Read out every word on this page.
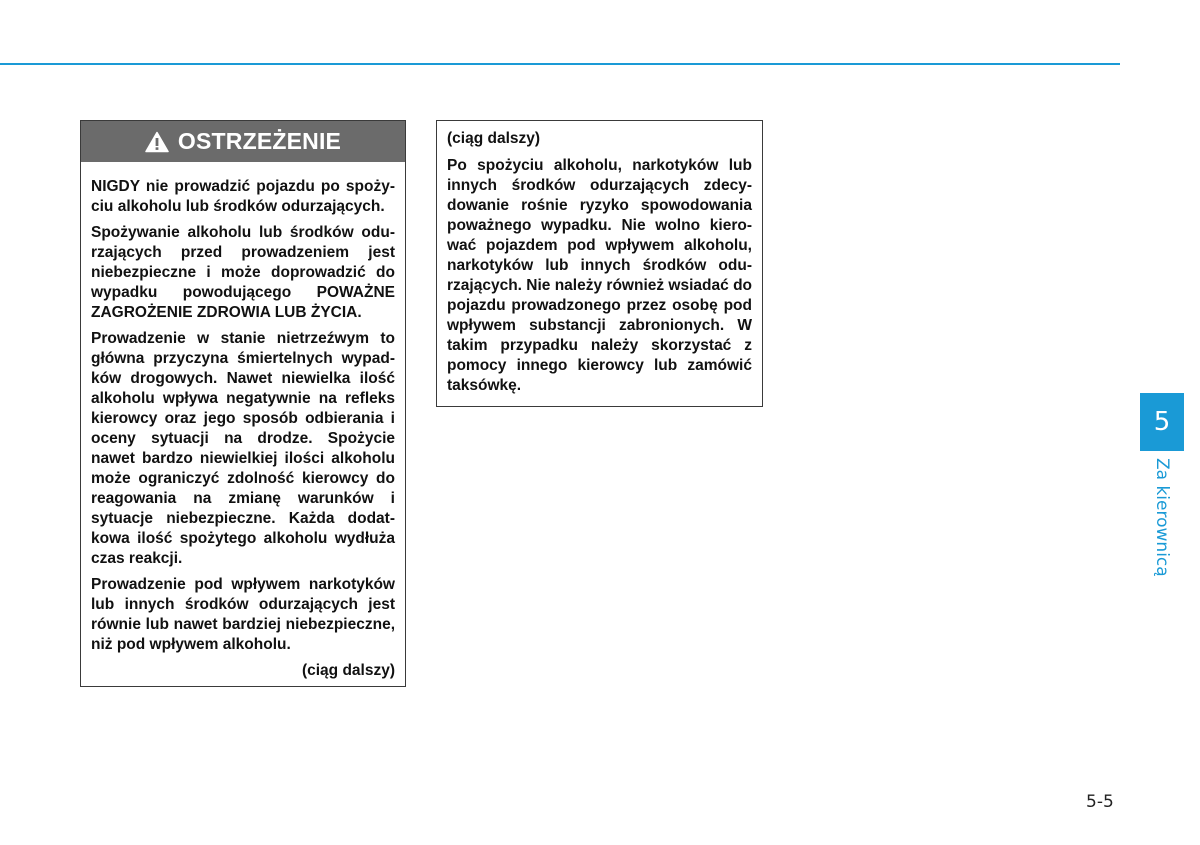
OSTRZEŻENIE

NIGDY nie prowadzić pojazdu po spożyciu alkoholu lub środków odurzających.

Spożywanie alkoholu lub środków odurzających przed prowadzeniem jest niebezpieczne i może doprowadzić do wypadku powodującego POWAŻNE ZAGROŻENIE ZDROWIA LUB ŻYCIA.

Prowadzenie w stanie nietrzeźwym to główna przyczyna śmiertelnych wypadków drogowych. Nawet niewielka ilość alkoholu wpływa negatywnie na refleks kierowcy oraz jego sposób odbierania i oceny sytuacji na drodze. Spożycie nawet bardzo niewielkiej ilości alkoholu może ograniczyć zdolność kierowcy do reagowania na zmianę warunków i sytuacje niebezpieczne. Każda dodatkowa ilość spożytego alkoholu wydłuża czas reakcji.

Prowadzenie pod wpływem narkotyków lub innych środków odurzających jest równie lub nawet bardziej niebezpieczne, niż pod wpływem alkoholu.

(ciąg dalszy)

(ciąg dalszy)

Po spożyciu alkoholu, narkotyków lub innych środków odurzających zdecydowanie rośnie ryzyko spowodowania poważnego wypadku. Nie wolno kierować pojazdem pod wpływem alkoholu, narkotyków lub innych środków odurzających. Nie należy również wsiadać do pojazdu prowadzonego przez osobę pod wpływem substancji zabronionych. W takim przypadku należy skorzystać z pomocy innego kierowcy lub zamówić taksówkę.

5
Za kierownicą
5-5
